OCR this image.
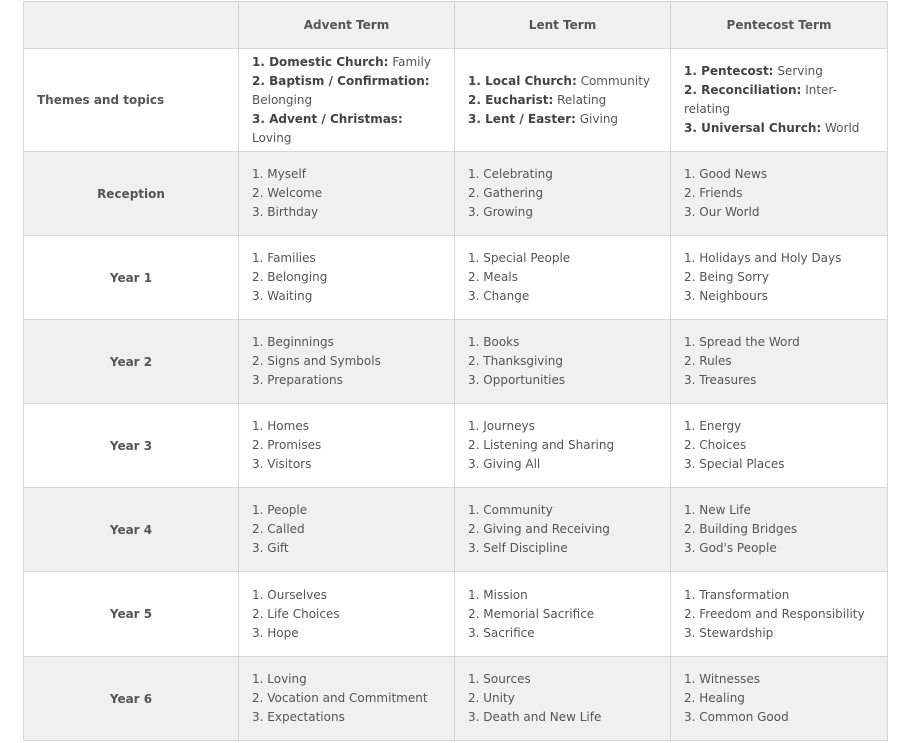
	Advent Term	Lent Term	Pentecost Term
Themes and topics	1. Domestic Church: Family
2. Baptism / Confirmation: Belonging
3. Advent / Christmas: Loving	1. Local Church: Community
2. Eucharist: Relating
3. Lent / Easter: Giving	1. Pentecost: Serving
2. Reconciliation: Inter-relating
3. Universal Church: World

Reception	1. Myself
2. Welcome
3. Birthday	1. Celebrating
2. Gathering
3. Growing	1. Good News
2. Friends
3. Our World

Year 1	1. Families
2. Belonging
3. Waiting	1. Special People
2. Meals
3. Change	1. Holidays and Holy Days
2. Being Sorry
3. Neighbours

Year 2	1. Beginnings
2. Signs and Symbols
3. Preparations	1. Books
2. Thanksgiving
3. Opportunities	1. Spread the Word
2. Rules
3. Treasures

Year 3	1. Homes
2. Promises
3. Visitors	1. Journeys
2. Listening and Sharing
3. Giving All	1. Energy
2. Choices
3. Special Places

Year 4	1. People
2. Called
3. Gift	1. Community
2. Giving and Receiving
3. Self Discipline	1. New Life
2. Building Bridges
3. God's People

Year 5	1. Ourselves
2. Life Choices
3. Hope	1. Mission
2. Memorial Sacrifice
3. Sacrifice	1. Transformation
2. Freedom and Responsibility
3. Stewardship

Year 6	1. Loving
2. Vocation and Commitment
3. Expectations	1. Sources
2. Unity
3. Death and New Life	1. Witnesses
2. Healing
3. Common Good
